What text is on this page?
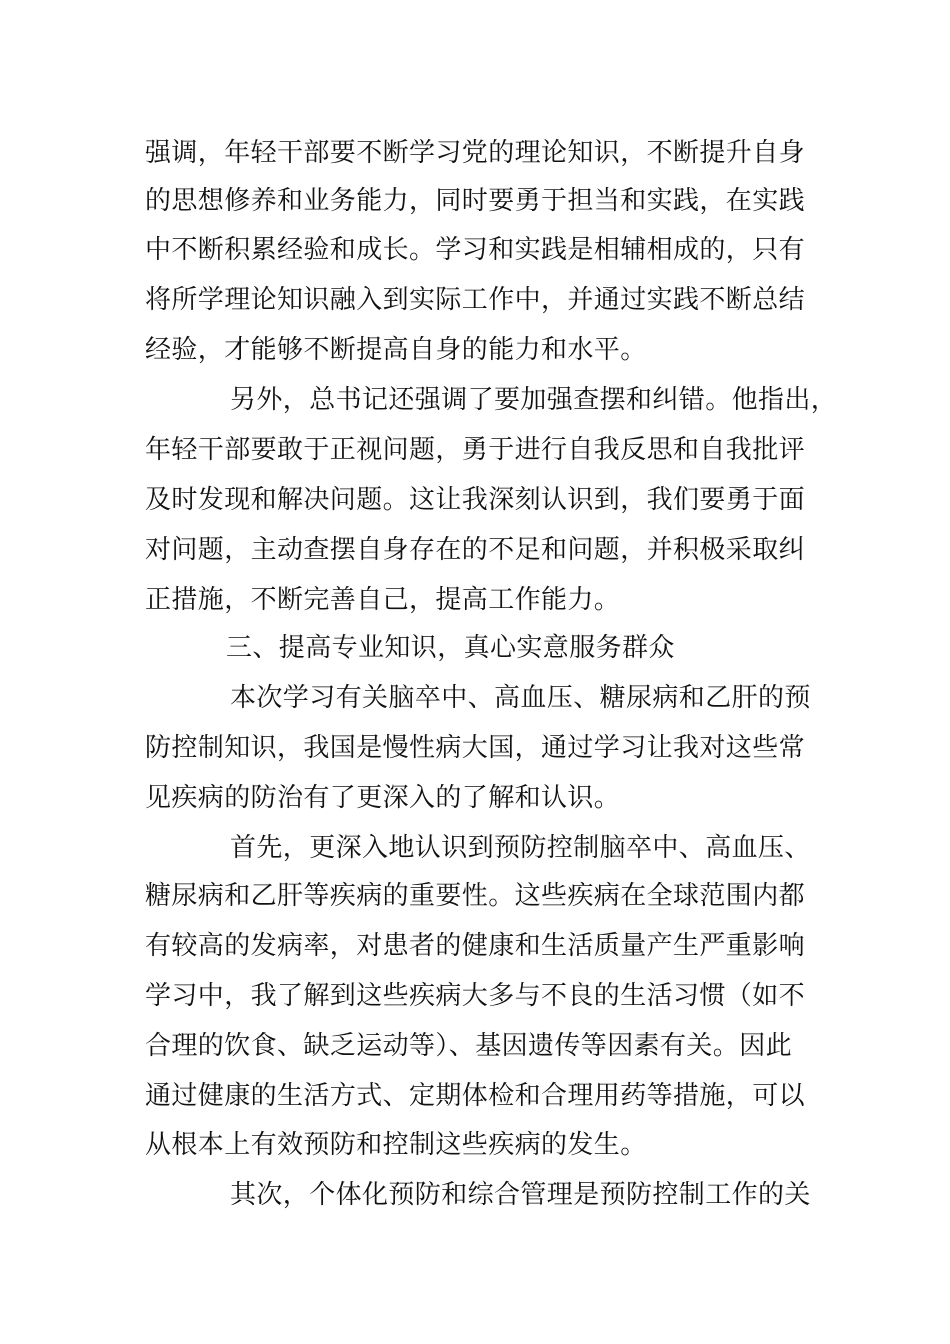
强调，年轻干部要不断学习党的理论知识，不断提升自身
的思想修养和业务能力，同时要勇于担当和实践，在实践
中不断积累经验和成长。学习和实践是相辅相成的，只有
将所学理论知识融入到实际工作中，并通过实践不断总结
经验，才能够不断提高自身的能力和水平。
另外，总书记还强调了要加强查摆和纠错。他指出，
年轻干部要敢于正视问题，勇于进行自我反思和自我批评
及时发现和解决问题。这让我深刻认识到，我们要勇于面
对问题，主动查摆自身存在的不足和问题，并积极采取纠
正措施，不断完善自己，提高工作能力。
三、提高专业知识，真心实意服务群众
本次学习有关脑卒中、高血压、糖尿病和乙肝的预
防控制知识，我国是慢性病大国，通过学习让我对这些常
见疾病的防治有了更深入的了解和认识。
首先，更深入地认识到预防控制脑卒中、高血压、
糖尿病和乙肝等疾病的重要性。这些疾病在全球范围内都
有较高的发病率，对患者的健康和生活质量产生严重影响
学习中，我了解到这些疾病大多与不良的生活习惯（如不
合理的饮食、缺乏运动等）、基因遗传等因素有关。因此
通过健康的生活方式、定期体检和合理用药等措施，可以
从根本上有效预防和控制这些疾病的发生。
其次，个体化预防和综合管理是预防控制工作的关
